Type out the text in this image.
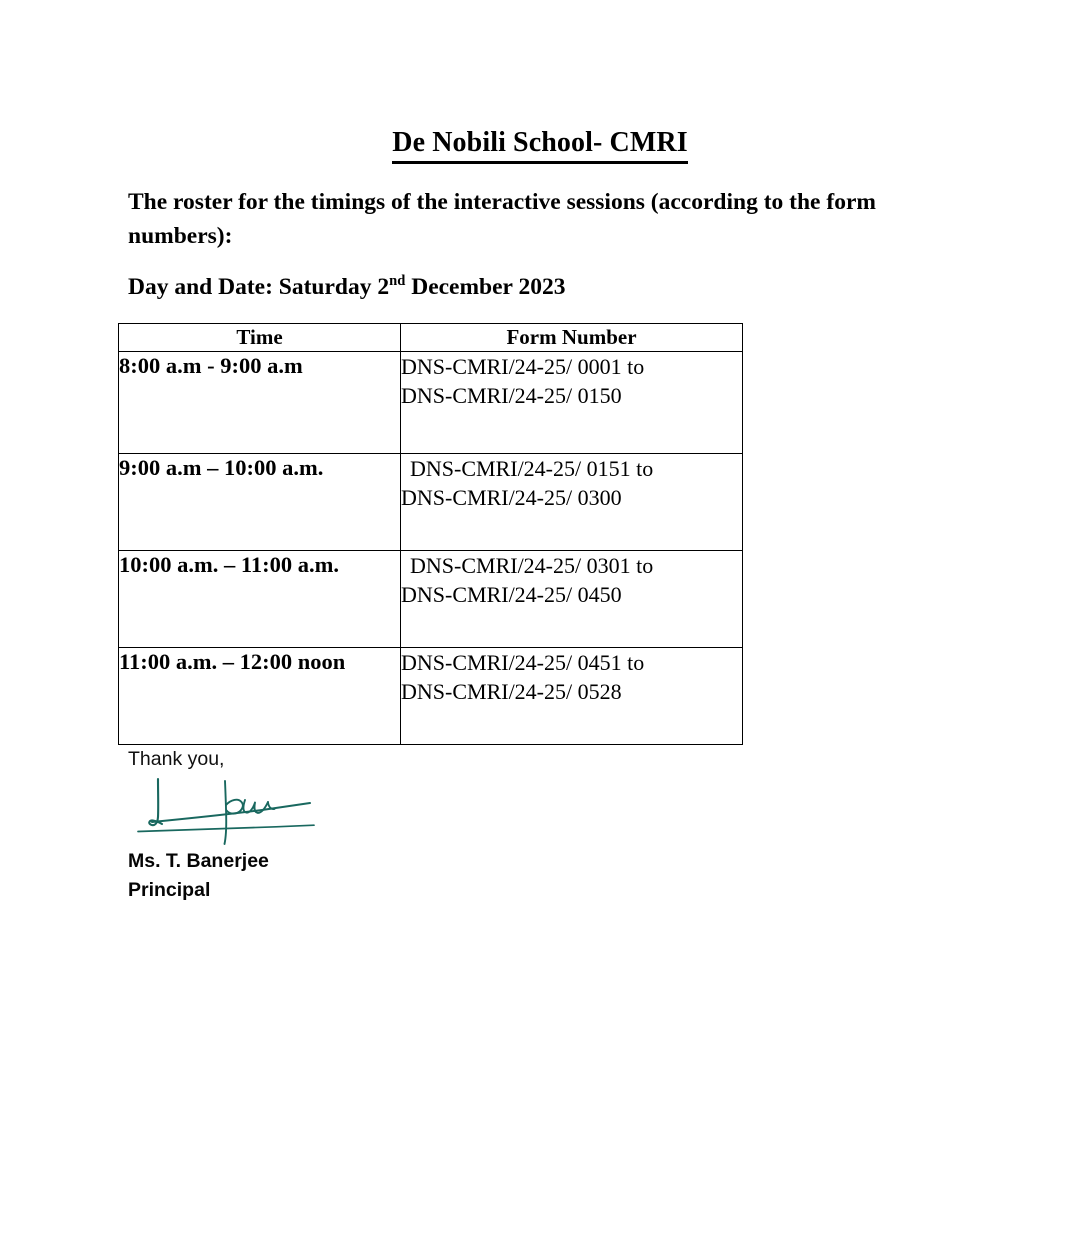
De Nobili School- CMRI
The roster for the timings of the interactive sessions (according to the form numbers):
Day and Date: Saturday 2nd December 2023
Time	Form Number
8:00 a.m - 9:00 a.m	DNS-CMRI/24-25/ 0001 to
DNS-CMRI/24-25/ 0150

9:00 a.m – 10:00 a.m.	DNS-CMRI/24-25/ 0151 to
DNS-CMRI/24-25/ 0300

10:00 a.m. – 11:00 a.m.	DNS-CMRI/24-25/ 0301 to
DNS-CMRI/24-25/ 0450

11:00 a.m. – 12:00 noon	DNS-CMRI/24-25/ 0451 to
DNS-CMRI/24-25/ 0528
Thank you,
Ms. T. Banerjee
Principal
